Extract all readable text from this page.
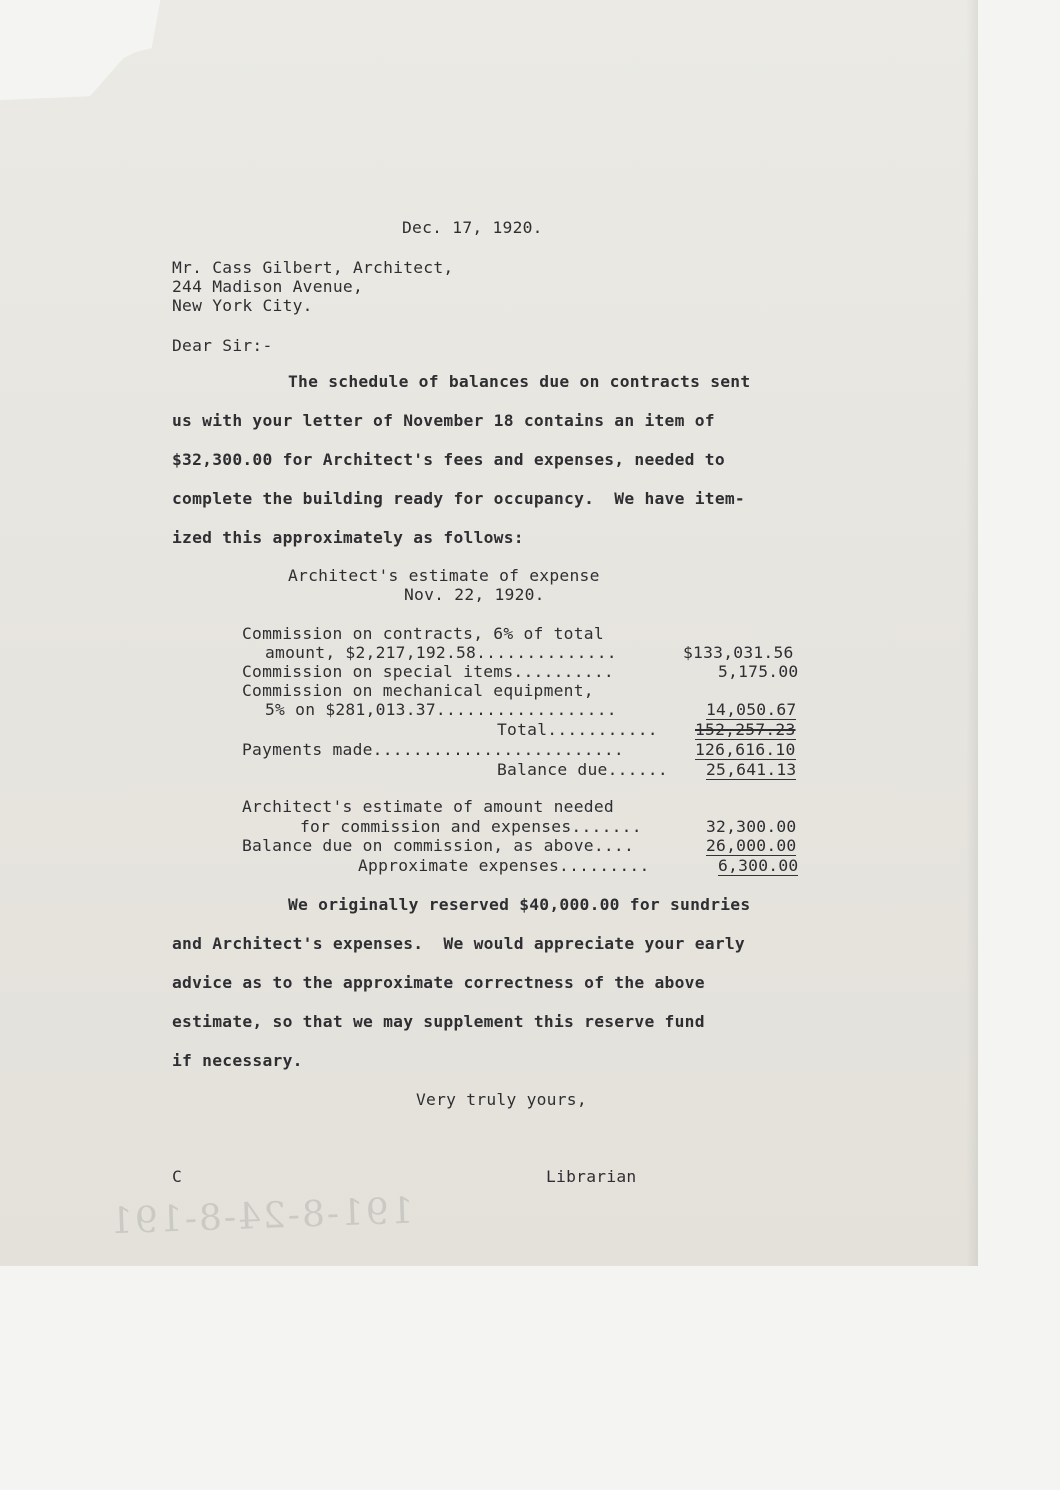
Dec. 17, 1920.
Mr. Cass Gilbert, Architect,
244 Madison Avenue,
New York City.
Dear Sir:-
The schedule of balances due on contracts sent
us with your letter of November 18 contains an item of
$32,300.00 for Architect's fees and expenses, needed to
complete the building ready for occupancy.  We have item-
ized this approximately as follows:
Architect's estimate of expense
Nov. 22, 1920.
Commission on contracts, 6% of total
amount, $2,217,192.58..............	$133,031.56
Commission on special items..........	5,175.00
Commission on mechanical equipment,
5% on $281,013.37..................	14,050.67
Total........... 152,257.23
Payments made.........................	126,616.10
Balance due...... 25,641.13
Architect's estimate of amount needed
for commission and expenses.......	32,300.00
Balance due on commission, as above....	26,000.00
Approximate expenses.........	6,300.00
We originally reserved $40,000.00 for sundries
and Architect's expenses.  We would appreciate your early
advice as to the approximate correctness of the above
estimate, so that we may supplement this reserve fund
if necessary.
Very truly yours,
C	Librarian
191-8-24-8-191
